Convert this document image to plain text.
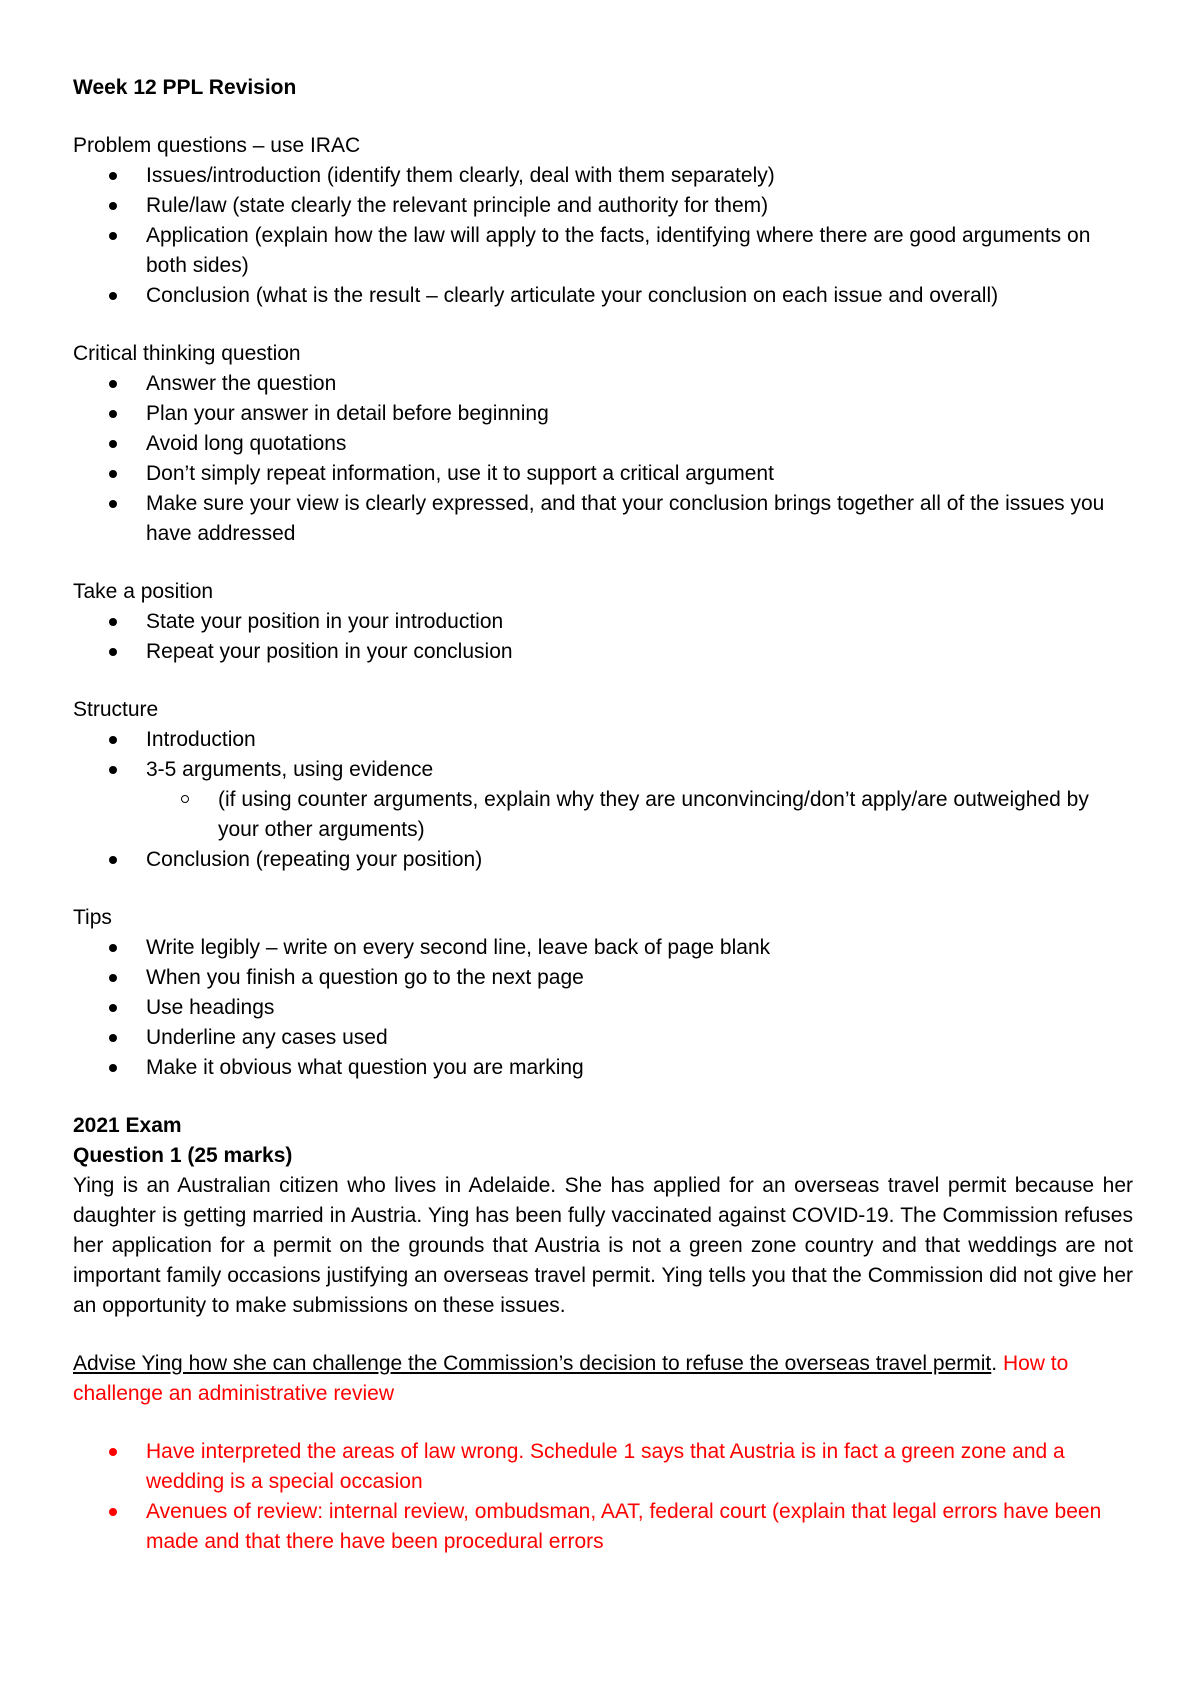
Week 12 PPL Revision

Problem questions – use IRAC

Issues/introduction (identify them clearly, deal with them separately)
Rule/law (state clearly the relevant principle and authority for them)
Application (explain how the law will apply to the facts, identifying where there are good arguments on both sides)
Conclusion (what is the result – clearly articulate your conclusion on each issue and overall)

Critical thinking question

Answer the question
Plan your answer in detail before beginning
Avoid long quotations
Don’t simply repeat information, use it to support a critical argument
Make sure your view is clearly expressed, and that your conclusion brings together all of the issues you have addressed

Take a position

State your position in your introduction
Repeat your position in your conclusion

Structure

Introduction
3-5 arguments, using evidence
(if using counter arguments, explain why they are unconvincing/don’t apply/are outweighed by your other arguments)
Conclusion (repeating your position)

Tips

Write legibly – write on every second line, leave back of page blank
When you finish a question go to the next page
Use headings
Underline any cases used
Make it obvious what question you are marking

2021 Exam

Question 1 (25 marks)

Ying is an Australian citizen who lives in Adelaide. She has applied for an overseas travel permit because her daughter is getting married in Austria. Ying has been fully vaccinated against COVID-19. The Commission refuses her application for a permit on the grounds that Austria is not a green zone country and that weddings are not important family occasions justifying an overseas travel permit. Ying tells you that the Commission did not give her an opportunity to make submissions on these issues.

Advise Ying how she can challenge the Commission’s decision to refuse the overseas travel permit. How to challenge an administrative review

Have interpreted the areas of law wrong. Schedule 1 says that Austria is in fact a green zone and a wedding is a special occasion
Avenues of review: internal review, ombudsman, AAT, federal court (explain that legal errors have been made and that there have been procedural errors
